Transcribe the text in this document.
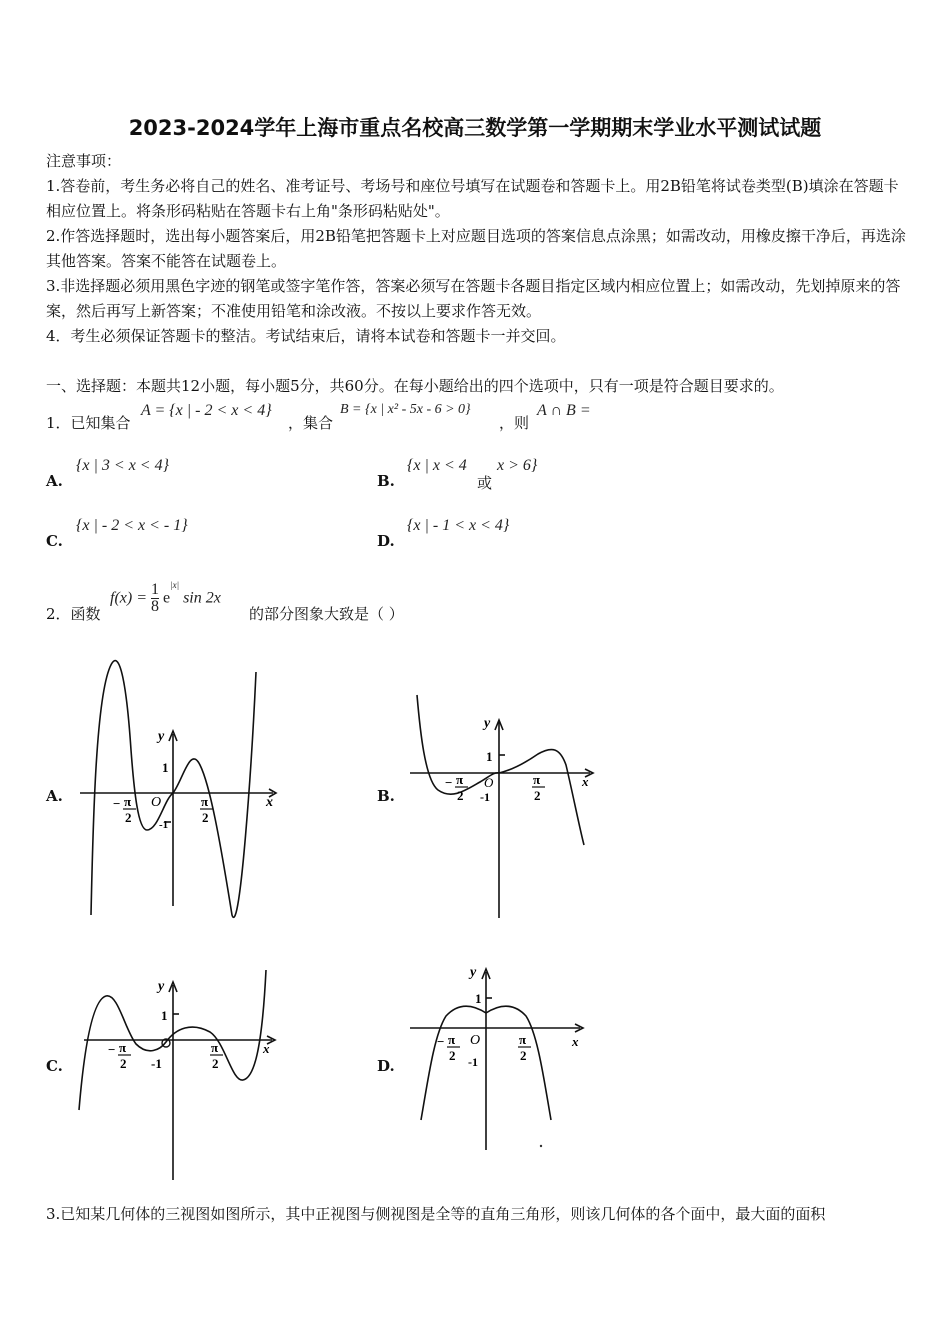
2023-2024学年上海市重点名校高三数学第一学期期末学业水平测试试题
注意事项：
1.答卷前，考生务必将自己的姓名、准考证号、考场号和座位号填写在试题卷和答题卡上。用2B铅笔将试卷类型(B)填涂在答题卡相应位置上。将条形码粘贴在答题卡右上角"条形码粘贴处"。
2.作答选择题时，选出每小题答案后，用2B铅笔把答题卡上对应题目选项的答案信息点涂黑；如需改动，用橡皮擦干净后，再选涂其他答案。答案不能答在试题卷上。
3.非选择题必须用黑色字迹的钢笔或签字笔作答，答案必须写在答题卡各题目指定区域内相应位置上；如需改动，先划掉原来的答案，然后再写上新答案；不准使用铅笔和涂改液。不按以上要求作答无效。
4．考生必须保证答题卡的整洁。考试结束后，请将本试卷和答题卡一并交回。
一、选择题：本题共12小题，每小题5分，共60分。在每小题给出的四个选项中，只有一项是符合题目要求的。
1．已知集合
A = {x | - 2 < x < 4}
，集合
B = {x | x² - 5x - 6 > 0}
，则
A ∩ B =
A.
{x | 3 < x < 4}
B.
{x | x < 4
或
x > 6}
C.
{x | - 2 < x < - 1}
D.
{x | - 1 < x < 4}
2．函数
$f(x) = \frac{1}{8} e^{|x|}$ sin 2x
的部分图象大致是（ ）
A.	B.
C.	D.
y
x
O
1
-1
− π
2
π
2
y
x
O
1
-1
− π
2
π
2
y
x
1
-1
− π
2
π
2
y
x
O
1
-1
− π
2
π
2
3.已知某几何体的三视图如图所示，其中正视图与侧视图是全等的直角三角形，则该几何体的各个面中，最大面的面积
